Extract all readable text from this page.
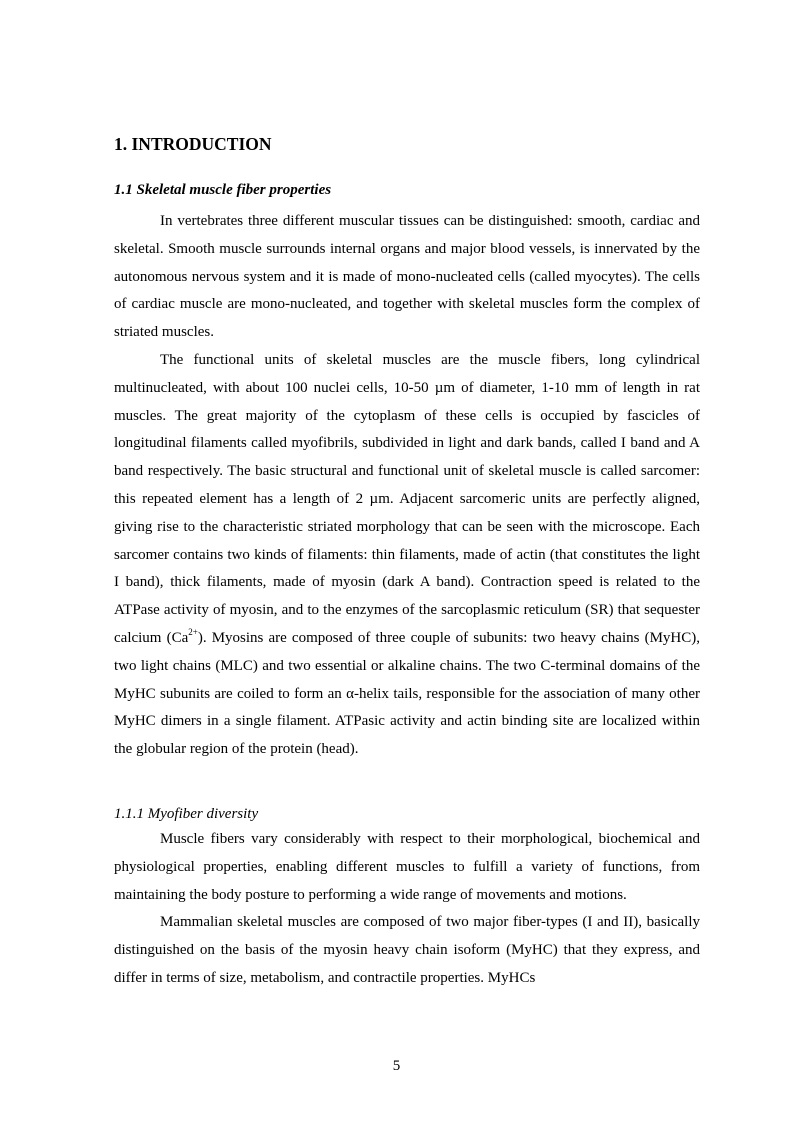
1. INTRODUCTION
1.1 Skeletal muscle fiber properties

In vertebrates three different muscular tissues can be distinguished: smooth, cardiac and skeletal. Smooth muscle surrounds internal organs and major blood vessels, is innervated by the autonomous nervous system and it is made of mono-nucleated cells (called myocytes). The cells of cardiac muscle are mono-nucleated, and together with skeletal muscles form the complex of striated muscles.

The functional units of skeletal muscles are the muscle fibers, long cylindrical multinucleated, with about 100 nuclei cells, 10-50 µm of diameter, 1-10 mm of length in rat muscles. The great majority of the cytoplasm of these cells is occupied by fascicles of longitudinal filaments called myofibrils, subdivided in light and dark bands, called I band and A band respectively. The basic structural and functional unit of skeletal muscle is called sarcomer: this repeated element has a length of 2 µm. Adjacent sarcomeric units are perfectly aligned, giving rise to the characteristic striated morphology that can be seen with the microscope. Each sarcomer contains two kinds of filaments: thin filaments, made of actin (that constitutes the light I band), thick filaments, made of myosin (dark A band). Contraction speed is related to the ATPase activity of myosin, and to the enzymes of the sarcoplasmic reticulum (SR) that sequester calcium $(Ca^{2+})$. Myosins are composed of three couple of subunits: two heavy chains (MyHC), two light chains (MLC) and two essential or alkaline chains. The two C-terminal domains of the MyHC subunits are coiled to form an α-helix tails, responsible for the association of many other MyHC dimers in a single filament. ATPasic activity and actin binding site are localized within the globular region of the protein (head).

1.1.1 Myofiber diversity

Muscle fibers vary considerably with respect to their morphological, biochemical and physiological properties, enabling different muscles to fulfill a variety of functions, from maintaining the body posture to performing a wide range of movements and motions.

Mammalian skeletal muscles are composed of two major fiber-types (I and II), basically distinguished on the basis of the myosin heavy chain isoform (MyHC) that they express, and differ in terms of size, metabolism, and contractile properties. MyHCs

5
